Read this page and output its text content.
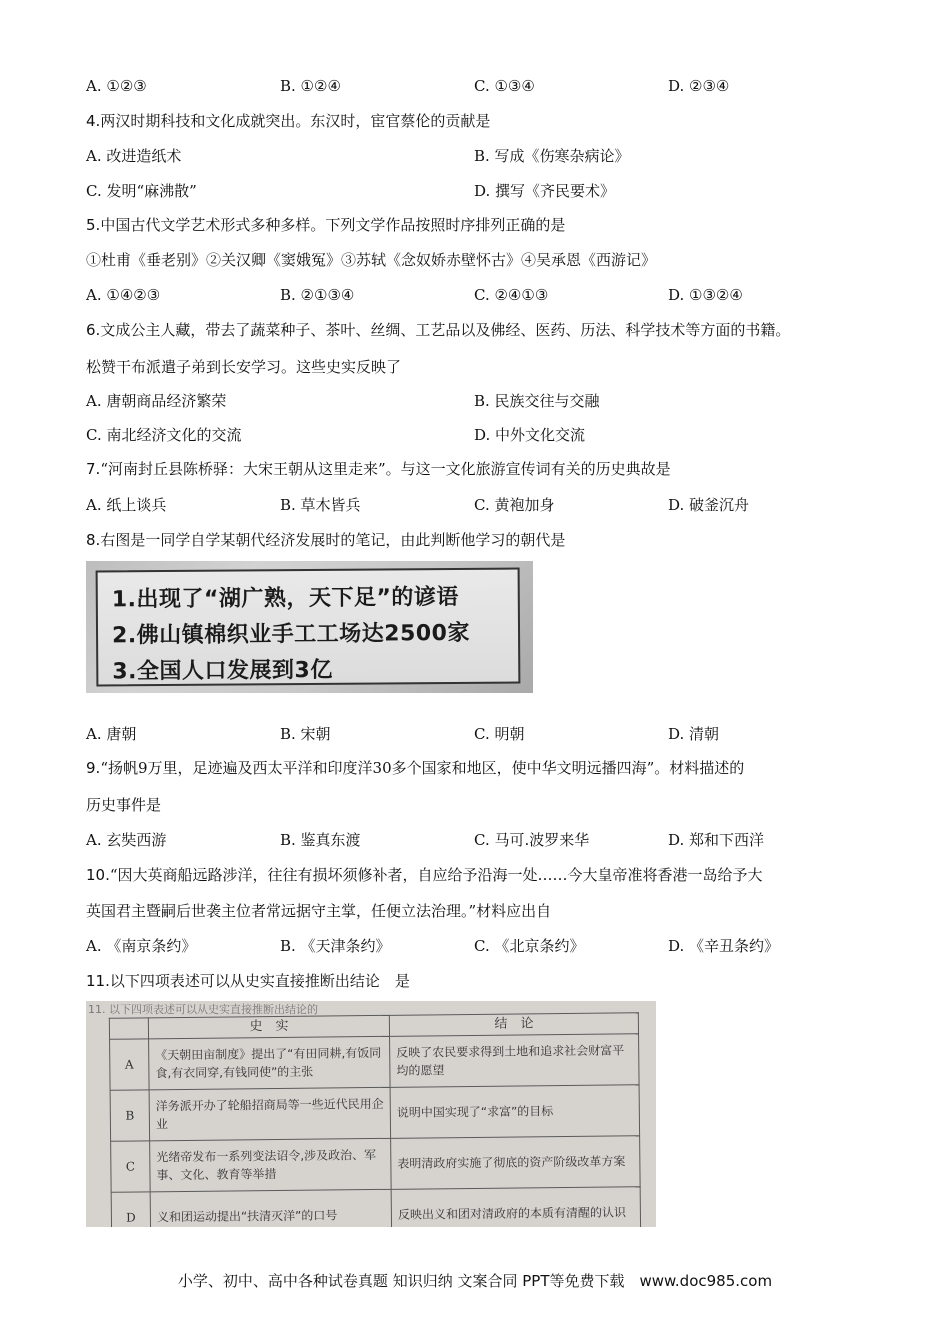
A. ①②③	B. ①②④	C. ①③④	D. ②③④
4.两汉时期科技和文化成就突出。东汉时，宦官蔡伦的贡献是
A. 改进造纸术	B. 写成《伤寒杂病论》
C. 发明“麻沸散”	D. 撰写《齐民要术》
5.中国古代文学艺术形式多种多样。下列文学作品按照时序排列正确的是
①杜甫《垂老别》②关汉卿《窦娥冤》③苏轼《念奴娇赤壁怀古》④吴承恩《西游记》
A. ①④②③	B. ②①③④	C. ②④①③	D. ①③②④
6.文成公主人藏，带去了蔬菜种子、茶叶、丝绸、工艺品以及佛经、医药、历法、科学技术等方面的书籍。
松赞干布派遣子弟到长安学习。这些史实反映了
A. 唐朝商品经济繁荣	B. 民族交往与交融
C. 南北经济文化的交流	D. 中外文化交流
7.“河南封丘县陈桥驿：大宋王朝从这里走来”。与这一文化旅游宣传词有关的历史典故是
A. 纸上谈兵	B. 草木皆兵	C. 黄袍加身	D. 破釜沉舟
8.右图是一同学自学某朝代经济发展时的笔记，由此判断他学习的朝代是
1.出现了“湖广熟，天下足”的谚语
2.佛山镇棉织业手工工场达2500家
3.全国人口发展到3亿
A. 唐朝	B. 宋朝	C. 明朝	D. 清朝
9.“扬帆9万里，足迹遍及西太平洋和印度洋30多个国家和地区，使中华文明远播四海”。材料描述的
历史事件是
A. 玄奘西游	B. 鉴真东渡	C. 马可.波罗来华	D. 郑和下西洋
10.“因大英商船远路涉洋，往往有损坏须修补者，自应给予沿海一处……今大皇帝准将香港一岛给予大
英国君主暨嗣后世袭主位者常远据守主掌，任便立法治理。”材料应出自
A. 《南京条约》	B. 《天津条约》	C. 《北京条约》	D. 《辛丑条约》
11.以下四项表述可以从史实直接推断出结论　是
11. 以下四项表述可以从史实直接推断出结论的
	史　实	结　论
A	《天朝田亩制度》提出了“有田同耕,有饭同食,有衣同穿,有钱同使”的主张	反映了农民要求得到土地和追求社会财富平均的愿望
B	洋务派开办了轮船招商局等一些近代民用企业	说明中国实现了“求富”的目标
C	光绪帝发布一系列变法诏令,涉及政治、军事、文化、教育等举措	表明清政府实施了彻底的资产阶级改革方案
D	义和团运动提出“扶清灭洋”的口号	反映出义和团对清政府的本质有清醒的认识
小学、初中、高中各种试卷真题 知识归纳 文案合同 PPT等免费下载　www.doc985.com
